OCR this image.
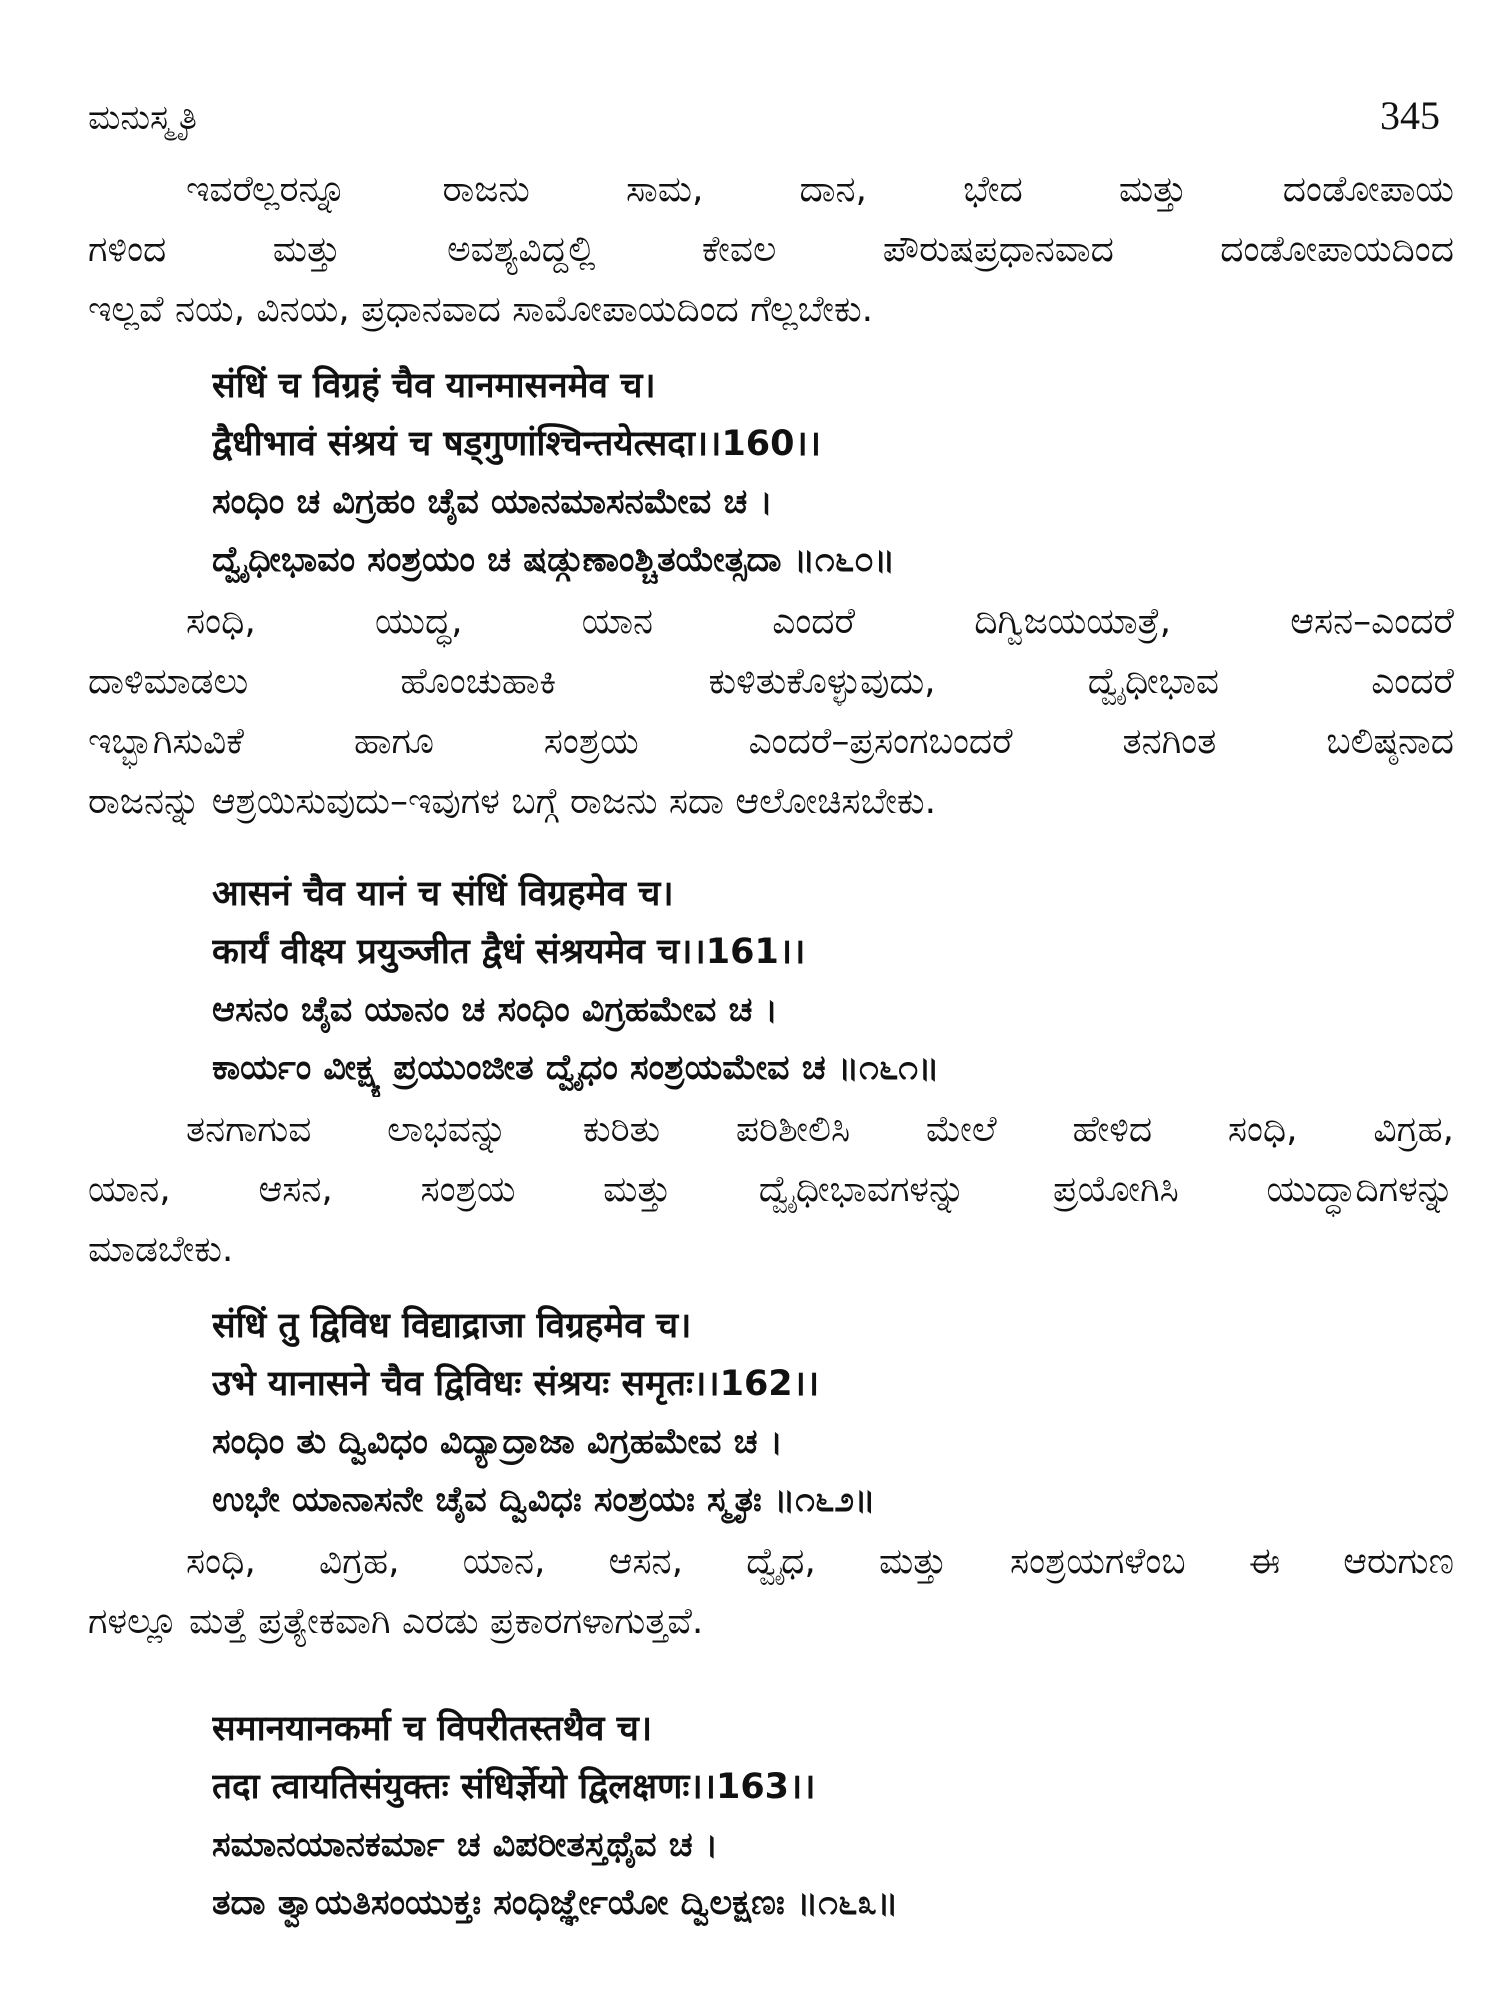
ಮನುಸ್ಮೃತಿ	345
ಇವರೆಲ್ಲರನ್ನೂ ರಾಜನು ಸಾಮ, ದಾನ, ಭೇದ ಮತ್ತು ದಂಡೋಪಾಯ
ಗಳಿಂದ ಮತ್ತು ಅವಶ್ಯವಿದ್ದಲ್ಲಿ ಕೇವಲ ಪೌರುಷಪ್ರಧಾನವಾದ ದಂಡೋಪಾಯದಿಂದ
ಇಲ್ಲವೆ ನಯ, ವಿನಯ, ಪ್ರಧಾನವಾದ ಸಾಮೋಪಾಯದಿಂದ ಗೆಲ್ಲಬೇಕು.
संधिं च विग्रहं चैव यानमासनमेव च।
द्वैधीभावं संश्रयं च षड्गुणांश्चिन्तयेत्सदा।।160।।
ಸಂಧಿಂ ಚ ವಿಗ್ರಹಂ ಚೈವ ಯಾನಮಾಸನಮೇವ ಚ ।
ದ್ವೈಧೀಭಾವಂ ಸಂಶ್ರಯಂ ಚ ಷಡ್ಗುಣಾಂಶ್ಚಿತಯೇತ್ಸದಾ ॥೧೬೦॥
ಸಂಧಿ, ಯುದ್ಧ, ಯಾನ ಎಂದರೆ ದಿಗ್ವಿಜಯಯಾತ್ರೆ, ಆಸನ–ಎಂದರೆ
ದಾಳಿಮಾಡಲು ಹೊಂಚುಹಾಕಿ ಕುಳಿತುಕೊಳ್ಳುವುದು, ದ್ವೈಧೀಭಾವ ಎಂದರೆ
ಇಬ್ಭಾಗಿಸುವಿಕೆ ಹಾಗೂ ಸಂಶ್ರಯ ಎಂದರೆ–ಪ್ರಸಂಗಬಂದರೆ ತನಗಿಂತ ಬಲಿಷ್ಠನಾದ
ರಾಜನನ್ನು ಆಶ್ರಯಿಸುವುದು–ಇವುಗಳ ಬಗ್ಗೆ ರಾಜನು ಸದಾ ಆಲೋಚಿಸಬೇಕು.
आसनं चैव यानं च संधिं विग्रहमेव च।
कार्यं वीक्ष्य प्रयुञ्जीत द्वैधं संश्रयमेव च।।161।।
ಆಸನಂ ಚೈವ ಯಾನಂ ಚ ಸಂಧಿಂ ವಿಗ್ರಹಮೇವ ಚ ।
ಕಾರ್ಯಂ ವೀಕ್ಷ್ಯ ಪ್ರಯುಂಜೀತ ದ್ವೈಧಂ ಸಂಶ್ರಯಮೇವ ಚ ॥೧೬೧॥
ತನಗಾಗುವ ಲಾಭವನ್ನು ಕುರಿತು ಪರಿಶೀಲಿಸಿ ಮೇಲೆ ಹೇಳಿದ ಸಂಧಿ, ವಿಗ್ರಹ,
ಯಾನ, ಆಸನ, ಸಂಶ್ರಯ ಮತ್ತು ದ್ವೈಧೀಭಾವಗಳನ್ನು ಪ್ರಯೋಗಿಸಿ ಯುದ್ಧಾದಿಗಳನ್ನು
ಮಾಡಬೇಕು.
संधिं तु द्विविध विद्याद्राजा विग्रहमेव च।
उभे यानासने चैव द्विविधः संश्रयः समृतः।।162।।
ಸಂಧಿಂ ತು ದ್ವಿವಿಧಂ ವಿದ್ಯಾದ್ರಾಜಾ ವಿಗ್ರಹಮೇವ ಚ ।
ಉಭೇ ಯಾನಾಸನೇ ಚೈವ ದ್ವಿವಿಧಃ ಸಂಶ್ರಯಃ ಸ್ಮೃತಃ ॥೧೬೨॥
ಸಂಧಿ, ವಿಗ್ರಹ, ಯಾನ, ಆಸನ, ದ್ವೈಧ, ಮತ್ತು ಸಂಶ್ರಯಗಳೆಂಬ ಈ ಆರುಗುಣ
ಗಳಲ್ಲೂ ಮತ್ತೆ ಪ್ರತ್ಯೇಕವಾಗಿ ಎರಡು ಪ್ರಕಾರಗಳಾಗುತ್ತವೆ.
समानयानकर्मा च विपरीतस्तथैव च।
तदा त्वायतिसंयुक्तः संधिर्ज्ञेयो द्विलक्षणः।।163।।
ಸಮಾನಯಾನಕರ್ಮಾ ಚ ವಿಪರೀತಸ್ತಥೈವ ಚ ।
ತದಾ ತ್ವಾಯತಿಸಂಯುಕ್ತಃ ಸಂಧಿರ್ಜ್ಞೇಯೋ ದ್ವಿಲಕ್ಷಣಃ ॥೧೬೩॥
